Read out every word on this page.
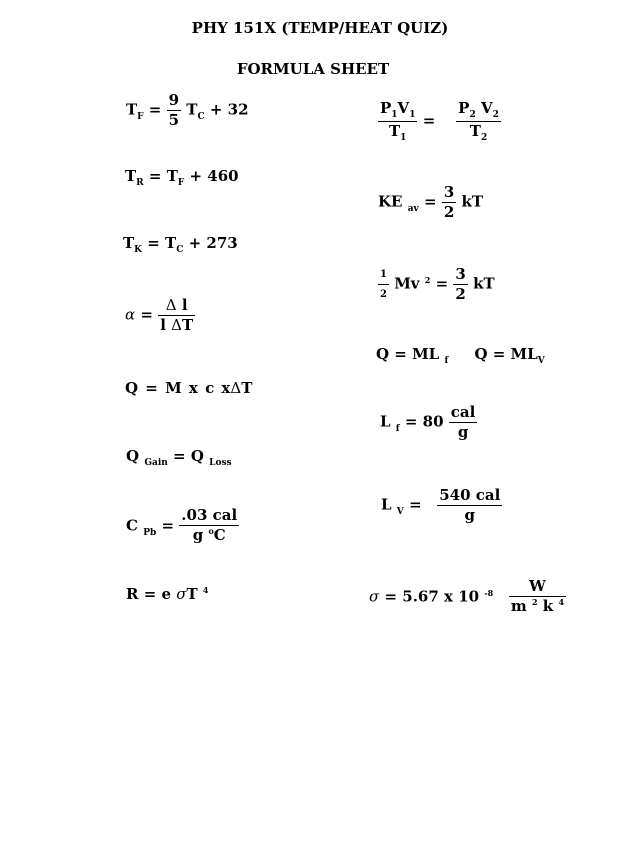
PHY 151X (TEMP/HEAT QUIZ)
FORMULA SHEET
$T_F = \frac{9}{5} T_C + 32$
$T_R = T_F + 460$
$T_K = T_C + 273$
$\alpha = \frac{\text{Δ l}}{\text{l ΔT}}$
Q = M x c xΔT
Q $_{Gain}$ = Q $_{Loss}$
C $_{Pb} = \frac{\text{.03 cal}}{g ^oC}$
R = e σT $^4$
$\frac{P_1V_1}{T_1} = \frac{P_2 V_2}{T_2}$
KE $_{av} = \frac{3}{2}$ kT
$\frac{1}{2}$ Mv $^2 = \frac{3}{2}$ kT
Q = ML $_f$ $Q = ML_V$
L $_f = 80 \frac{\text{cal}}{g}$
L $_V = \frac{\text{540 cal}}{g}$
σ = 5.67 x 10 $^{-8} \frac{W}{m ^2 k ^4}$
